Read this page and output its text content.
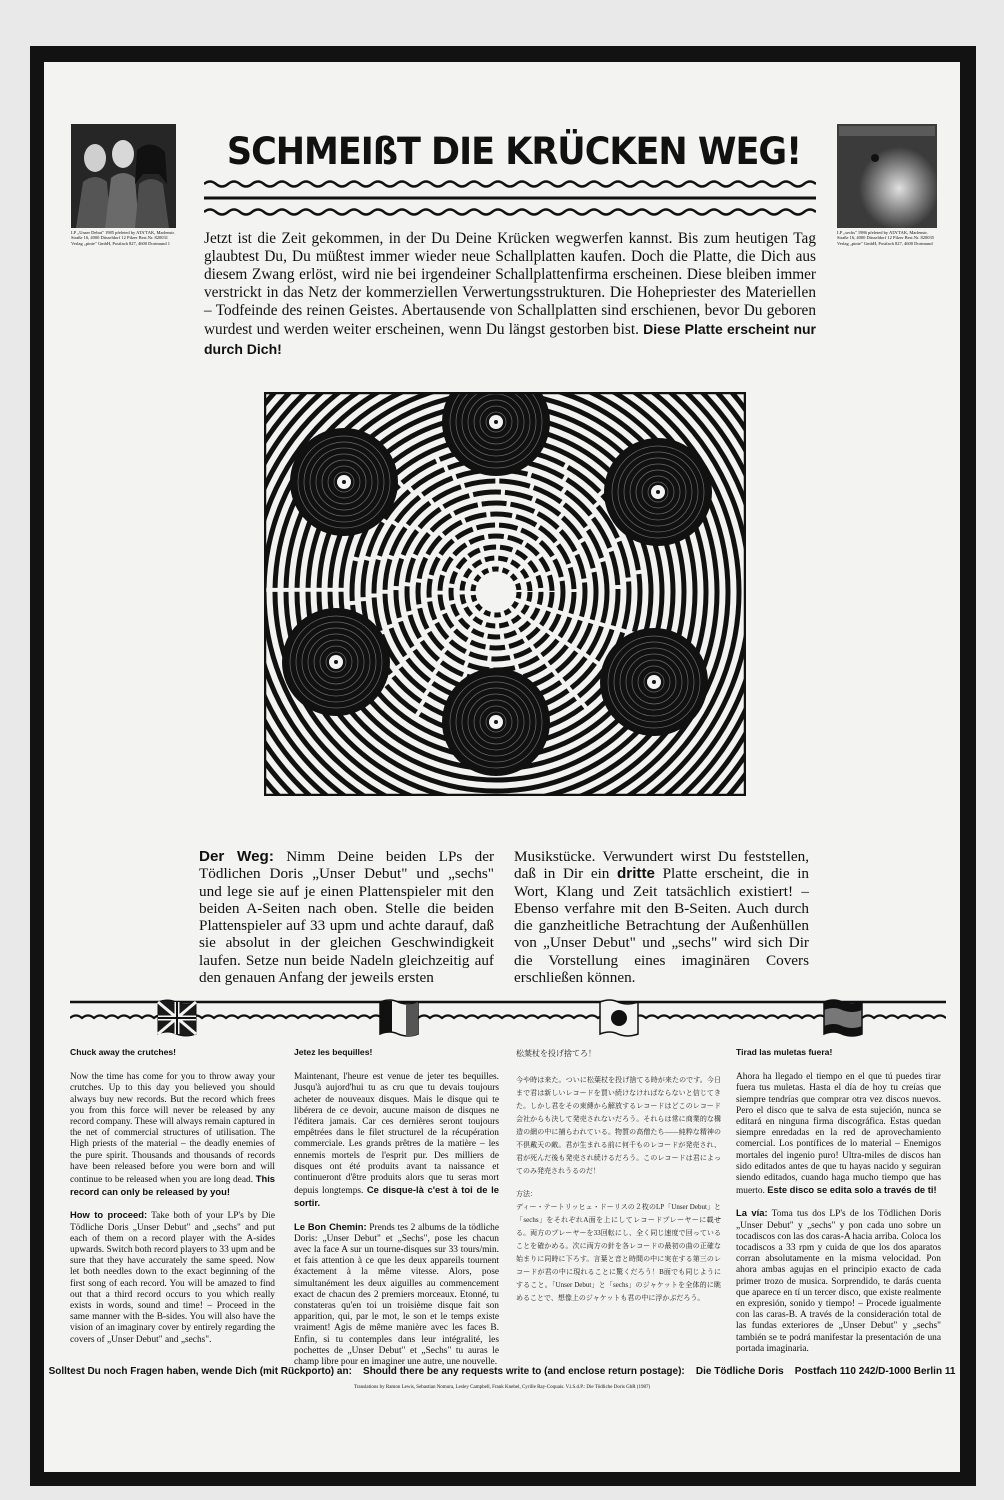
LP „Unser Debut" 1985 pfeleted by ATA'TAK, Marlenstr. Straße 16, 4000 Düsseldorf 12 Pilzer Best.Nr. 820031 Verlag „pinie" GmbH, Postfach 827, 4600 Dortmund 1
LP „sechs" 1986 pfeleted by ATA'TAK, Marlenstr. Straße 16, 4000 Düsseldorf 12 Pilzer Best.Nr. 820035 Verlag „pinie" GmbH, Postfach 827, 4600 Dortmund
SCHMEIßT DIE KRÜCKEN WEG!
Jetzt ist die Zeit gekommen, in der Du Deine Krücken wegwerfen kannst. Bis zum heutigen Tag glaubtest Du, Du müßtest immer wieder neue Schallplatten kaufen. Doch die Platte, die Dich aus diesem Zwang erlöst, wird nie bei irgendeiner Schallplattenfirma erscheinen. Diese bleiben immer verstrickt in das Netz der kommerziellen Verwertungsstrukturen. Die Hohepriester des Materiellen – Todfeinde des reinen Geistes. Abertausende von Schallplatten sind erschienen, bevor Du geboren wurdest und werden weiter erscheinen, wenn Du längst gestorben bist. Diese Platte erscheint nur durch Dich!
Der Weg: Nimm Deine beiden LPs der Tödlichen Doris „Unser Debut" und „sechs" und lege sie auf je einen Plattenspieler mit den beiden A-Seiten nach oben. Stelle die beiden Plattenspieler auf 33 upm und achte darauf, daß sie absolut in der gleichen Geschwindigkeit laufen. Setze nun beide Nadeln gleichzeitig auf den genauen Anfang der jeweils ersten
Musikstücke. Verwundert wirst Du feststellen, daß in Dir ein dritte Platte erscheint, die in Wort, Klang und Zeit tatsächlich existiert! – Ebenso verfahre mit den B-Seiten. Auch durch die ganzheitliche Betrachtung der Außenhüllen von „Unser Debut" und „sechs" wird sich Dir die Vorstellung eines imaginären Covers erschließen können.
Chuck away the crutches!

Now the time has come for you to throw away your crutches. Up to this day you believed you should always buy new records. But the record which frees you from this force will never be released by any record company. These will always remain captured in the net of commercial structures of utilisation. The High priests of the material – the deadly enemies of the pure spirit. Thousands and thousands of records have been released before you were born and will continue to be released when you are long dead. This record can only be released by you!

How to proceed: Take both of your LP's by Die Tödliche Doris „Unser Debut" and „sechs" and put each of them on a record player with the A-sides upwards. Switch both record players to 33 upm and be sure that they have accurately the same speed. Now let both needles down to the exact beginning of the first song of each record. You will be amazed to find out that a third record occurs to you which really exists in words, sound and time! – Proceed in the same manner with the B-sides. You will also have the vision of an imaginary cover by entirely regarding the covers of „Unser Debut" and „sechs".

Jetez les bequilles!

Maintenant, l'heure est venue de jeter tes bequilles. Jusqu'à aujord'hui tu as cru que tu devais toujours acheter de nouveaux disques. Mais le disque qui te libérera de ce devoir, aucune maison de disques ne l'éditera jamais. Car ces dernières seront toujours empêtrées dans le filet structurel de la récupération commerciale. Les grands prêtres de la matière – les ennemis mortels de l'esprit pur. Des milliers de disques ont été produits avant ta naissance et continueront d'être produits alors que tu seras mort depuis longtemps. Ce disque-là c'est à toi de le sortir.

Le Bon Chemin: Prends tes 2 albums de la tödliche Doris: „Unser Debut" et „Sechs", pose les chacun avec la face A sur un tourne-disques sur 33 tours/min. et fais attention à ce que les deux appareils tournent éxactement à la même vitesse. Alors, pose simultanément les deux aiguilles au commencement exact de chacun des 2 premiers morceaux. Etonné, tu constateras qu'en toi un troisième disque fait son apparition, qui, par le mot, le son et le temps existe vraiment! Agis de même manière avec les faces B. Enfin, si tu contemples dans leur intégralité, les pochettes de „Unser Debut" et „Sechs" tu auras le champ libre pour en imaginer une autre, une nouvelle.

松葉杖を投げ捨てろ！

今や時は来た。ついに松葉杖を投げ捨てる時が来たのです。今日まで君は新しいレコードを買い続けなければならないと信じてきた。しかし君をその束縛から解放するレコードはどこのレコード会社からも決して発売されないだろう。それらは常に商業的な構造の網の中に捕らわれている。物質の高僧たち――純粋な精神の不倶戴天の敵。君が生まれる前に何千ものレコードが発売され、君が死んだ後も発売され続けるだろう。このレコードは君によってのみ発売されうるのだ！

方法：
ディー・テートリッヒェ・ドーリスの２枚のLP「Unser Debut」と「sechs」をそれぞれA面を上にしてレコードプレーヤーに載せる。両方のプレーヤーを33回転にし、全く同じ速度で回っていることを確かめる。次に両方の針を各レコードの最初の曲の正確な始まりに同時に下ろす。言葉と音と時間の中に実在する第三のレコードが君の中に現れることに驚くだろう！B面でも同じようにすること。「Unser Debut」と「sechs」のジャケットを全体的に眺めることで、想像上のジャケットも君の中に浮かぶだろう。

Tirad las muletas fuera!

Ahora ha llegado el tiempo en el que tú puedes tirar fuera tus muletas. Hasta el día de hoy tu creías que siempre tendrías que comprar otra vez discos nuevos. Pero el disco que te salva de esta sujeción, nunca se editará en ninguna firma discográfica. Estas quedan siempre enredadas en la red de aprovechamiento comercial. Los pontífices de lo material – Enemigos mortales del ingenio puro! Ultra-miles de discos han sido editados antes de que tu hayas nacido y seguiran siendo editados, cuando haga mucho tiempo que has muerto. Este disco se edita solo a través de ti!

La vía: Toma tus dos LP's de los Tödlichen Doris „Unser Debut" y „sechs" y pon cada uno sobre un tocadiscos con las dos caras-A hacia arriba. Coloca los tocadiscos a 33 rpm y cuida de que los dos aparatos corran absolutamente en la misma velocidad. Pon ahora ambas agujas en el principio exacto de cada primer trozo de musica. Sorprendido, te darás cuenta que aparece en tí un tercer disco, que existe realmente en expresión, sonido y tiempo! – Procede igualmente con las caras-B. A través de la consideración total de las fundas exteriores de „Unser Debut" y „sechs" también se te podrá manifestar la presentación de una portada imaginaria.

Solltest Du noch Fragen haben, wende Dich (mit Rückporto) an:    Should there be any requests write to (and enclose return postage):    Die Tödliche Doris    Postfach 110 242/D-1000 Berlin 11
Translations by Ramon Lewis, Sebastian Nomura, Lesley Campbell, Frank Knebel, Cyrille Ray-Coquais. V.i.S.d.P.: Die Tödliche Doris GbR (1987)
